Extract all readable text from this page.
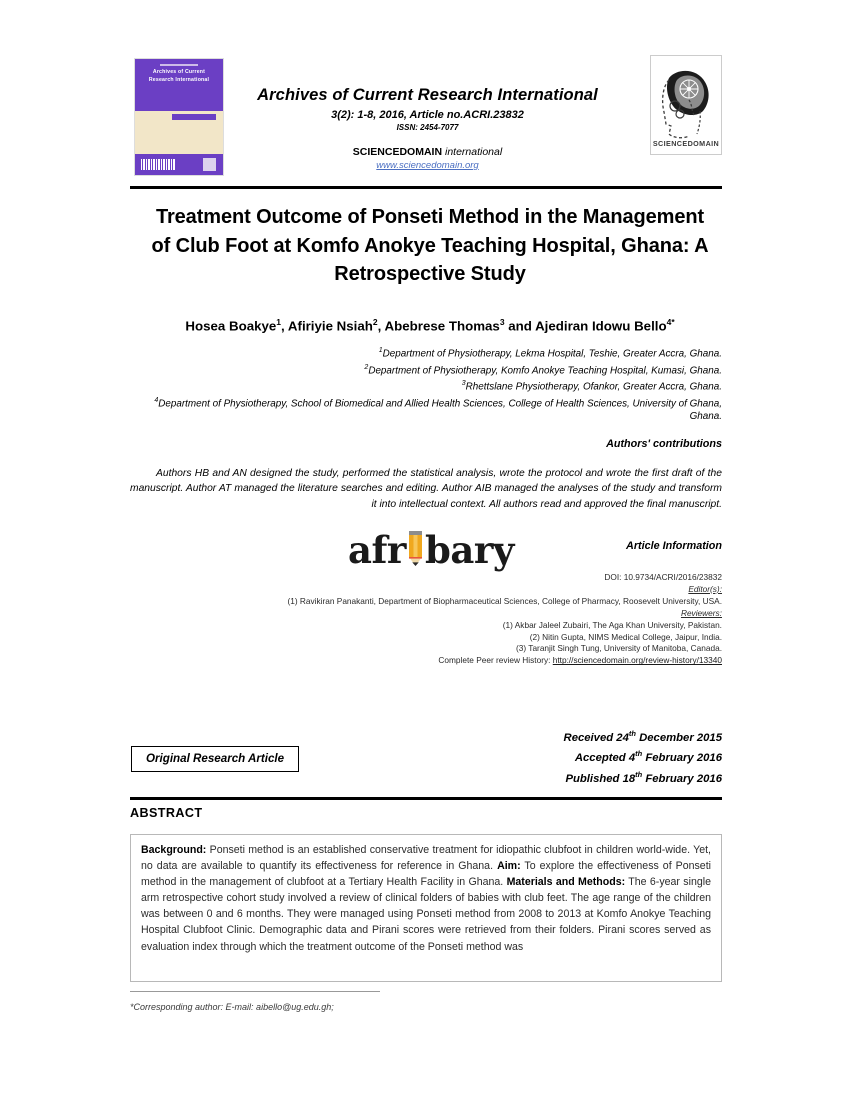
Archives of Current Research International
Archives of Current Research International
3(2): 1-8, 2016, Article no.ACRI.23832
ISSN: 2454-7077
SCIENCEDOMAIN international
www.sciencedomain.org
SCIENCEDOMAIN
Treatment Outcome of Ponseti Method in the Management of Club Foot at Komfo Anokye Teaching Hospital, Ghana: A Retrospective Study
Hosea Boakye$^1$, Afiriyie Nsiah$^2$, Abebrese Thomas$^3$ and Ajediran Idowu Bello$^{4*}$
$^1$Department of Physiotherapy, Lekma Hospital, Teshie, Greater Accra, Ghana.
$^2$Department of Physiotherapy, Komfo Anokye Teaching Hospital, Kumasi, Ghana.
$^3$Rhettslane Physiotherapy, Ofankor, Greater Accra, Ghana.
$^4$Department of Physiotherapy, School of Biomedical and Allied Health Sciences, College of Health Sciences, University of Ghana, Ghana.
Authors' contributions
Authors HB and AN designed the study, performed the statistical analysis, wrote the protocol and wrote the first draft of the manuscript. Author AT managed the literature searches and editing. Author AIB managed the analyses of the study and transform it into intellectual context. All authors read and approved the final manuscript.
afr bary	Article Information
DOI: 10.9734/ACRI/2016/23832
Editor(s):
(1) Ravikiran Panakanti, Department of Biopharmaceutical Sciences, College of Pharmacy, Roosevelt University, USA.
Reviewers:
(1) Akbar Jaleel Zubairi, The Aga Khan University, Pakistan.
(2) Nitin Gupta, NIMS Medical College, Jaipur, India.
(3) Taranjit Singh Tung, University of Manitoba, Canada.
Complete Peer review History: http://sciencedomain.org/review-history/13340
Received 24th December 2015
Accepted 4th February 2016
Published 18th February 2016
Original Research Article
ABSTRACT
Background: Ponseti method is an established conservative treatment for idiopathic clubfoot in children world-wide. Yet, no data are available to quantify its effectiveness for reference in Ghana. Aim: To explore the effectiveness of Ponseti method in the management of clubfoot at a Tertiary Health Facility in Ghana. Materials and Methods: The 6-year single arm retrospective cohort study involved a review of clinical folders of babies with club feet. The age range of the children was between 0 and 6 months. They were managed using Ponseti method from 2008 to 2013 at Komfo Anokye Teaching Hospital Clubfoot Clinic. Demographic data and Pirani scores were retrieved from their folders. Pirani scores served as evaluation index through which the treatment outcome of the Ponseti method was
*Corresponding author: E-mail: aibello@ug.edu.gh;
